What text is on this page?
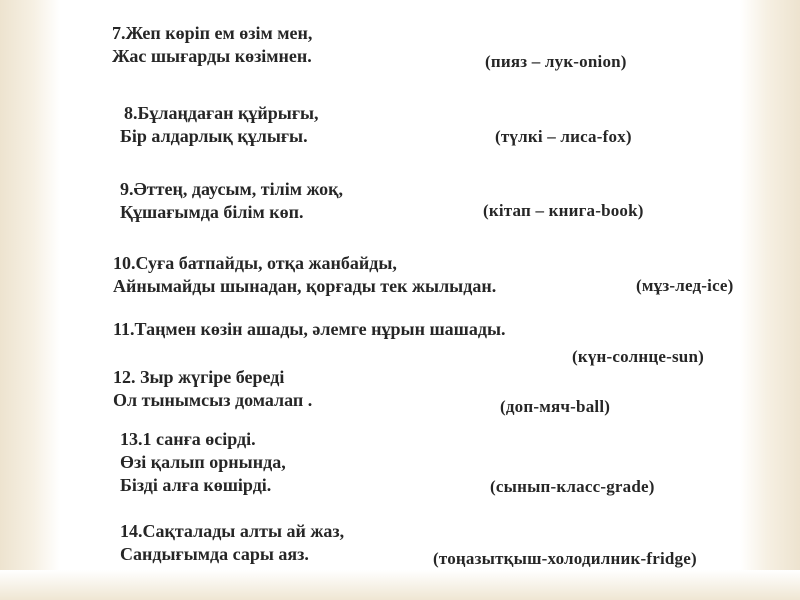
7.Жеп көріп ем өзім мен,
Жас шығарды көзімнен.	(пияз – лук-onion)
8.Бұлаңдаған құйрығы,
Бір алдарлық құлығы.	(түлкі – лиса-fox)
9.Әттең, даусым, тілім жоқ,
Құшағымда білім көп.	(кітап – книга-book)
10.Суға батпайды, отқа жанбайды,
Айнымайды шынадан, қорғады тек жылыдан.	(мұз-лед-ice)
11.Таңмен көзін ашады, әлемге нұрын шашады.
(күн-солнце-sun)
12. Зыр жүгіре береді
Ол тынымсыз домалап .	(доп-мяч-ball)
13.1 санға өсірді.
Өзі қалып орнында,
Бізді алға көшірді.	(сынып-класс-grade)
14.Сақталады алты ай жаз,
Сандығымда сары аяз.	(тоңазытқыш-холодилник-fridge)
